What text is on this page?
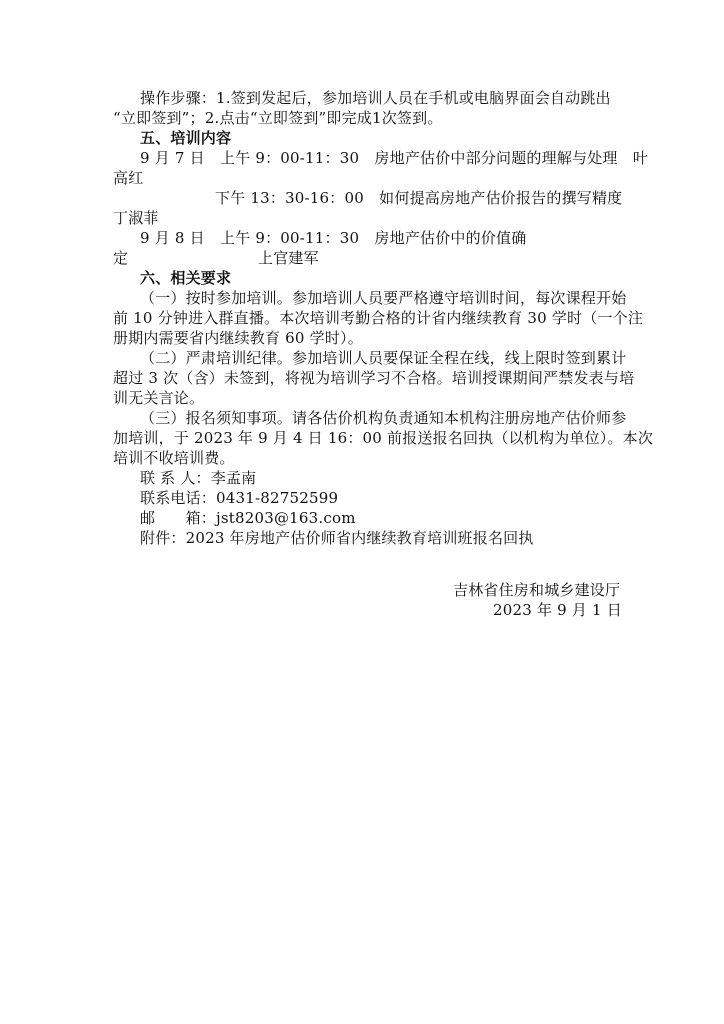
操作步骤：1.签到发起后，参加培训人员在手机或电脑界面会自动跳出
“立即签到”；2.点击“立即签到”即完成1次签到。
五、培训内容
9 月 7 日　上午 9：00-11：30　房地产估价中部分问题的理解与处理　叶
高红
下午 13：30-16：00　如何提高房地产估价报告的撰写精度
丁淑菲
9 月 8 日　上午 9：00-11：30　房地产估价中的价值确
定	上官建军
六、相关要求
（一）按时参加培训。参加培训人员要严格遵守培训时间，每次课程开始
前 10 分钟进入群直播。本次培训考勤合格的计省内继续教育 30 学时（一个注
册期内需要省内继续教育 60 学时）。
（二）严肃培训纪律。参加培训人员要保证全程在线，线上限时签到累计
超过 3 次（含）未签到，将视为培训学习不合格。培训授课期间严禁发表与培
训无关言论。
（三）报名须知事项。请各估价机构负责通知本机构注册房地产估价师参
加培训，于 2023 年 9 月 4 日 16：00 前报送报名回执（以机构为单位）。本次
培训不收培训费。
联 系 人：李孟南
联系电话：0431-82752599
邮　　箱：jst8203@163.com
附件：2023 年房地产估价师省内继续教育培训班报名回执
吉林省住房和城乡建设厅
2023 年 9 月 1 日
